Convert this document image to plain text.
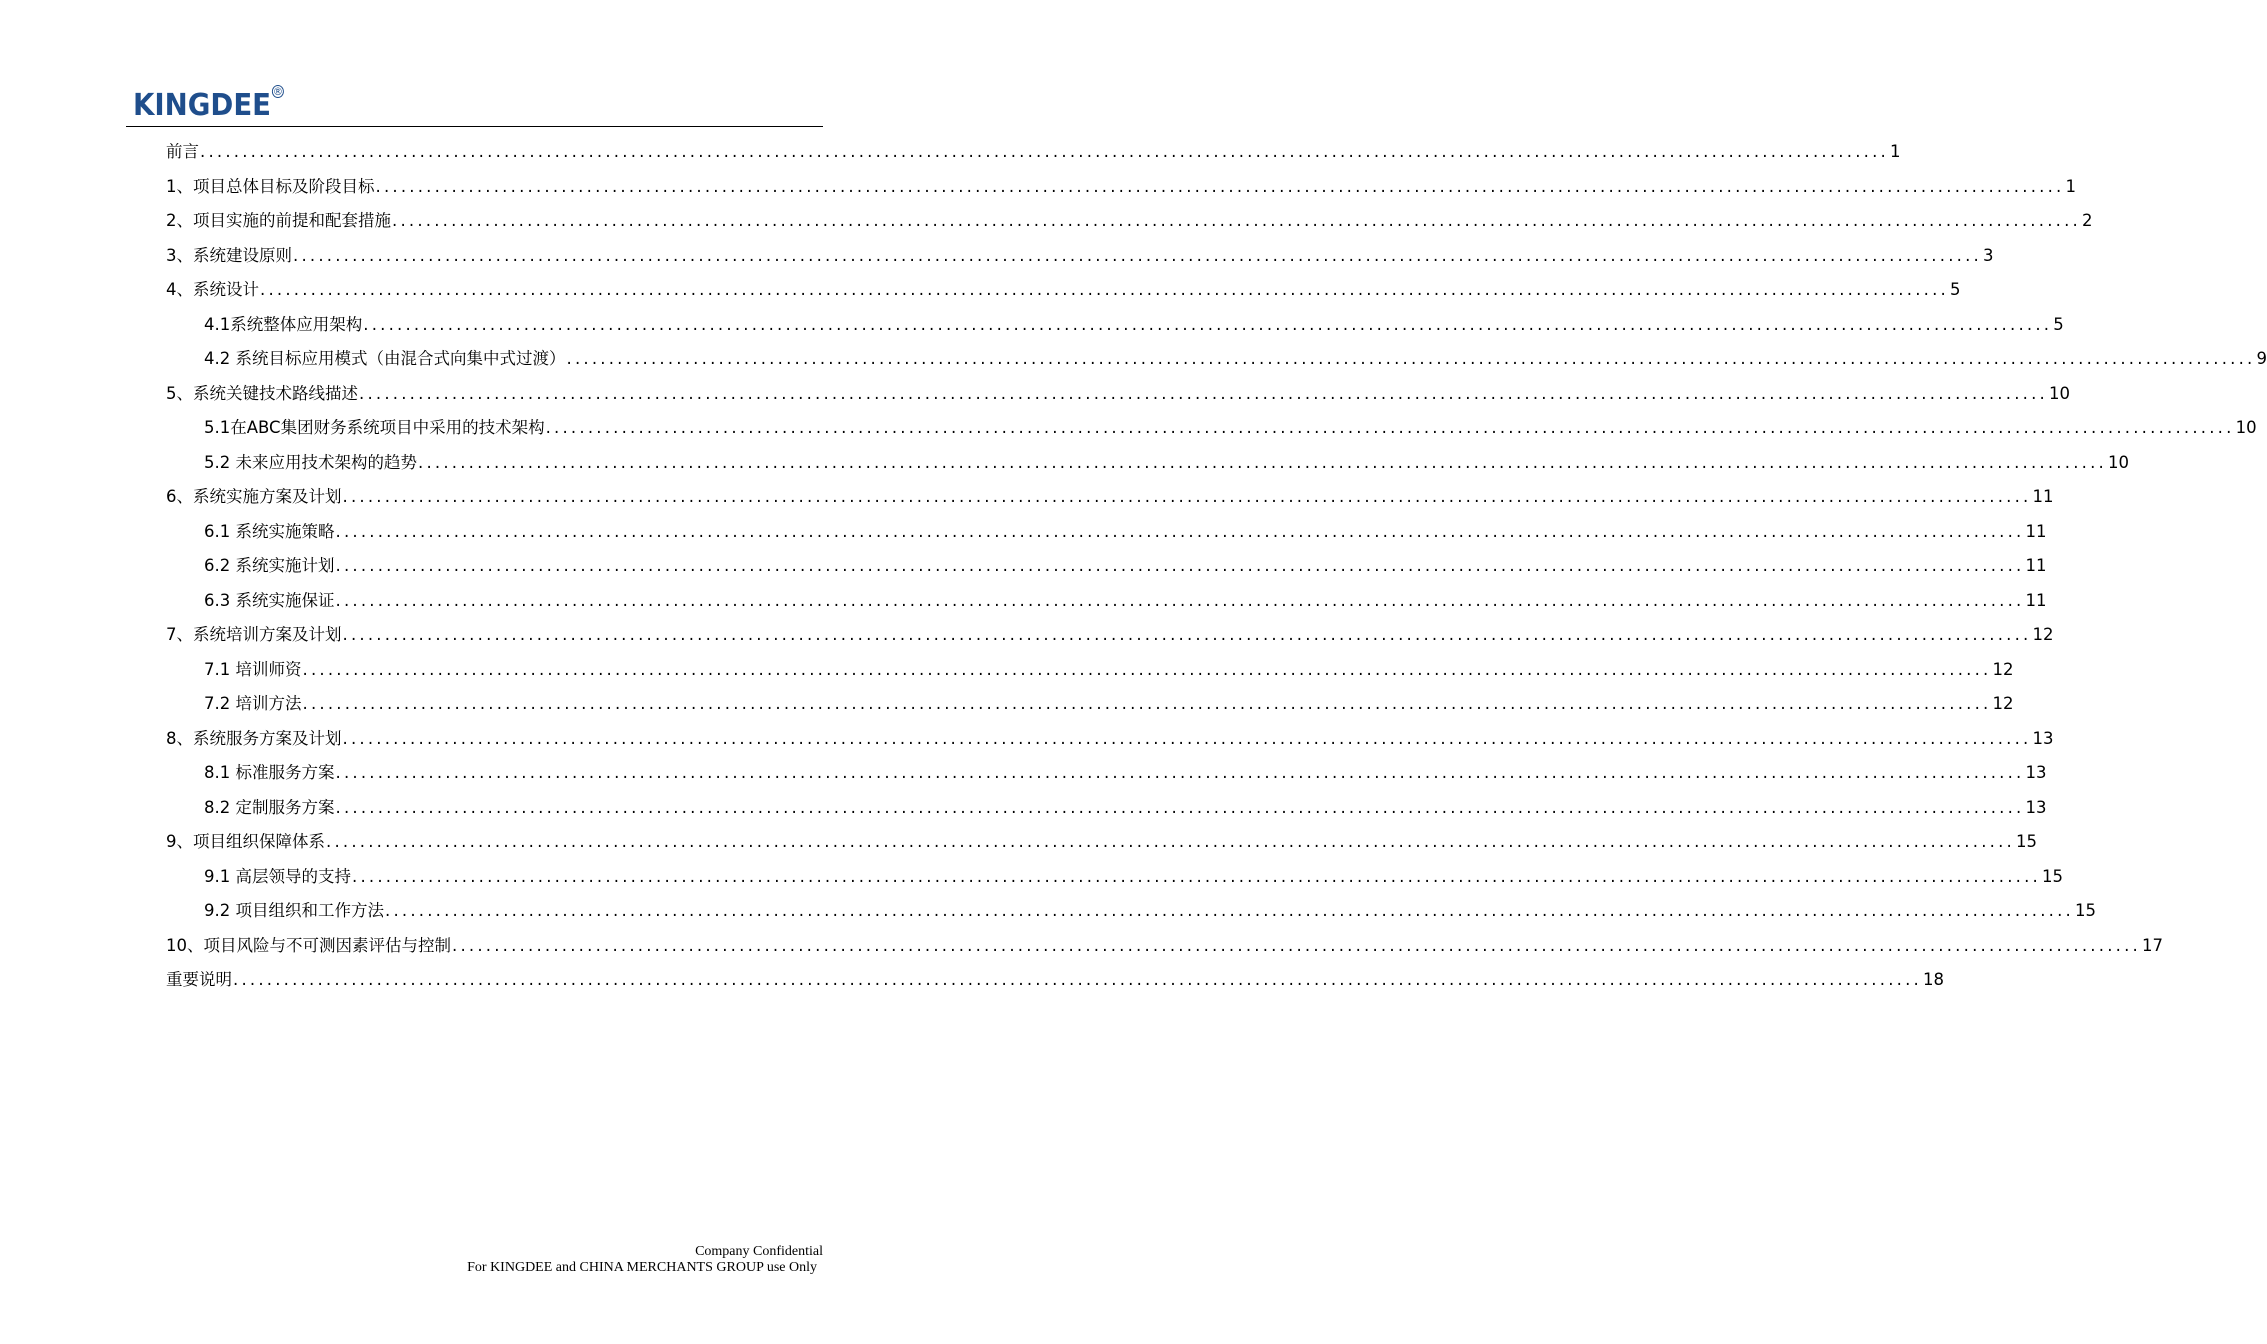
KINGDEE ®
前言 ........................................................................................................................................................................................................ 1
1、项目总体目标及阶段目标 ........................................................................................................................................................................................................ 1
2、项目实施的前提和配套措施 ........................................................................................................................................................................................................ 2
3、系统建设原则 ........................................................................................................................................................................................................ 3
4、系统设计 ........................................................................................................................................................................................................ 5
4.1系统整体应用架构 ........................................................................................................................................................................................................ 5
4.2 系统目标应用模式（由混合式向集中式过渡） ........................................................................................................................................................................................................ 9
5、系统关键技术路线描述 ........................................................................................................................................................................................................ 10
5.1在ABC集团财务系统项目中采用的技术架构 ........................................................................................................................................................................................................ 10
5.2 未来应用技术架构的趋势 ........................................................................................................................................................................................................ 10
6、系统实施方案及计划 ........................................................................................................................................................................................................ 11
6.1 系统实施策略 ........................................................................................................................................................................................................ 11
6.2 系统实施计划 ........................................................................................................................................................................................................ 11
6.3 系统实施保证 ........................................................................................................................................................................................................ 11
7、系统培训方案及计划 ........................................................................................................................................................................................................ 12
7.1 培训师资 ........................................................................................................................................................................................................ 12
7.2 培训方法 ........................................................................................................................................................................................................ 12
8、系统服务方案及计划 ........................................................................................................................................................................................................ 13
8.1 标准服务方案 ........................................................................................................................................................................................................ 13
8.2 定制服务方案 ........................................................................................................................................................................................................ 13
9、项目组织保障体系 ........................................................................................................................................................................................................ 15
9.1 高层领导的支持 ........................................................................................................................................................................................................ 15
9.2 项目组织和工作方法 ........................................................................................................................................................................................................ 15
10、项目风险与不可测因素评估与控制 ........................................................................................................................................................................................................ 17
重要说明 ........................................................................................................................................................................................................ 18
Company Confidential
For KINGDEE and CHINA MERCHANTS GROUP use Only
